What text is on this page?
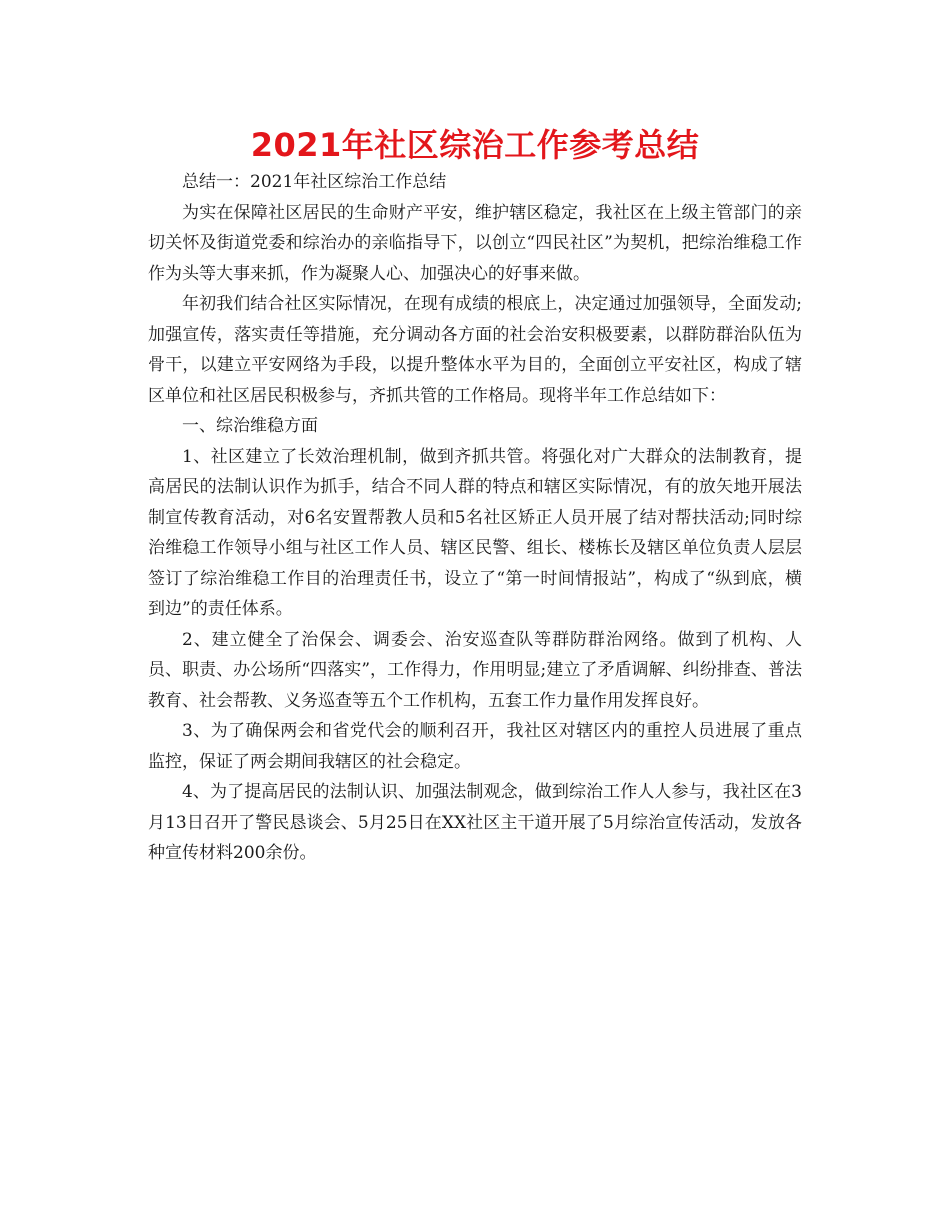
2021年社区综治工作参考总结

总结一：2021年社区综治工作总结

为实在保障社区居民的生命财产平安，维护辖区稳定，我社区在上级主管部门的亲切关怀及街道党委和综治办的亲临指导下，以创立“四民社区”为契机，把综治维稳工作作为头等大事来抓，作为凝聚人心、加强决心的好事来做。

年初我们结合社区实际情况，在现有成绩的根底上，决定通过加强领导，全面发动;加强宣传，落实责任等措施，充分调动各方面的社会治安积极要素，以群防群治队伍为骨干，以建立平安网络为手段，以提升整体水平为目的，全面创立平安社区，构成了辖区单位和社区居民积极参与，齐抓共管的工作格局。现将半年工作总结如下：

一、综治维稳方面

1、社区建立了长效治理机制，做到齐抓共管。将强化对广大群众的法制教育，提高居民的法制认识作为抓手，结合不同人群的特点和辖区实际情况，有的放矢地开展法制宣传教育活动，对6名安置帮教人员和5名社区矫正人员开展了结对帮扶活动;同时综治维稳工作领导小组与社区工作人员、辖区民警、组长、楼栋长及辖区单位负责人层层签订了综治维稳工作目的治理责任书，设立了“第一时间情报站”，构成了“纵到底，横到边”的责任体系。

2、建立健全了治保会、调委会、治安巡查队等群防群治网络。做到了机构、人员、职责、办公场所“四落实”，工作得力，作用明显;建立了矛盾调解、纠纷排查、普法教育、社会帮教、义务巡查等五个工作机构，五套工作力量作用发挥良好。

3、为了确保两会和省党代会的顺利召开，我社区对辖区内的重控人员进展了重点监控，保证了两会期间我辖区的社会稳定。

4、为了提高居民的法制认识、加强法制观念，做到综治工作人人参与，我社区在3月13日召开了警民恳谈会、5月25日在XX社区主干道开展了5月综治宣传活动，发放各种宣传材料200余份。
